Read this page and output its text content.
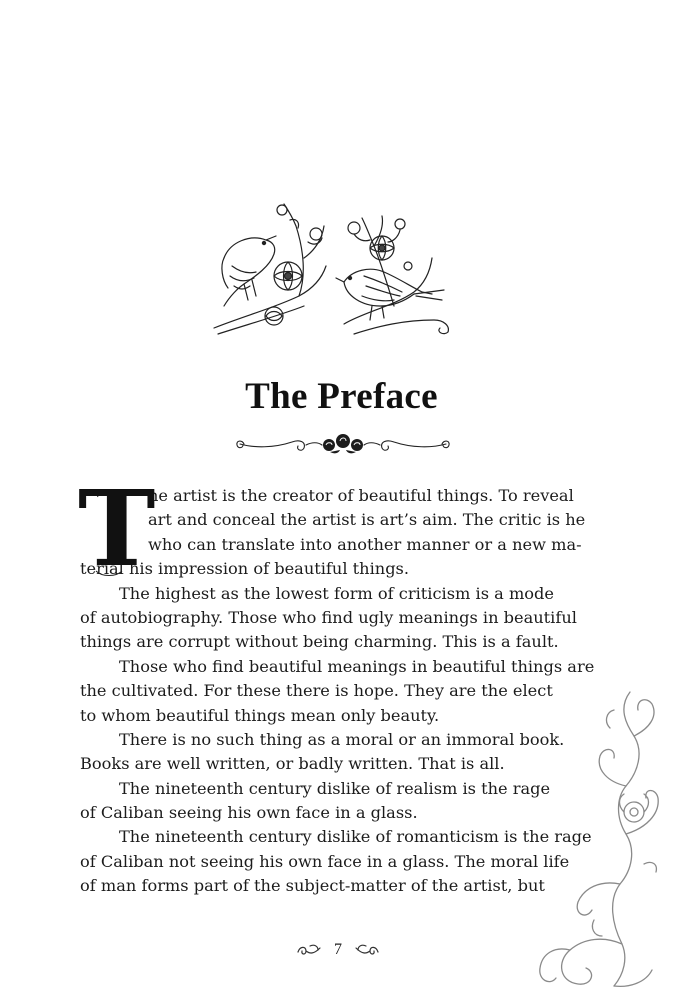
The Preface
T
he artist is the creator of beautiful things. To reveal
art and conceal the artist is art’s aim. The critic is he
who can translate into another manner or a new ma-
terial his impression of beautiful things.
The highest as the lowest form of criticism is a mode
of autobiography. Those who find ugly meanings in beautiful
things are corrupt without being charming. This is a fault.
Those who find beautiful meanings in beautiful things are
the cultivated. For these there is hope. They are the elect
to whom beautiful things mean only beauty.
There is no such thing as a moral or an immoral book.
Books are well written, or badly written. That is all.
The nineteenth century dislike of realism is the rage
of Caliban seeing his own face in a glass.
The nineteenth century dislike of romanticism is the rage
of Caliban not seeing his own face in a glass. The moral life
of man forms part of the subject-matter of the artist, but
7
